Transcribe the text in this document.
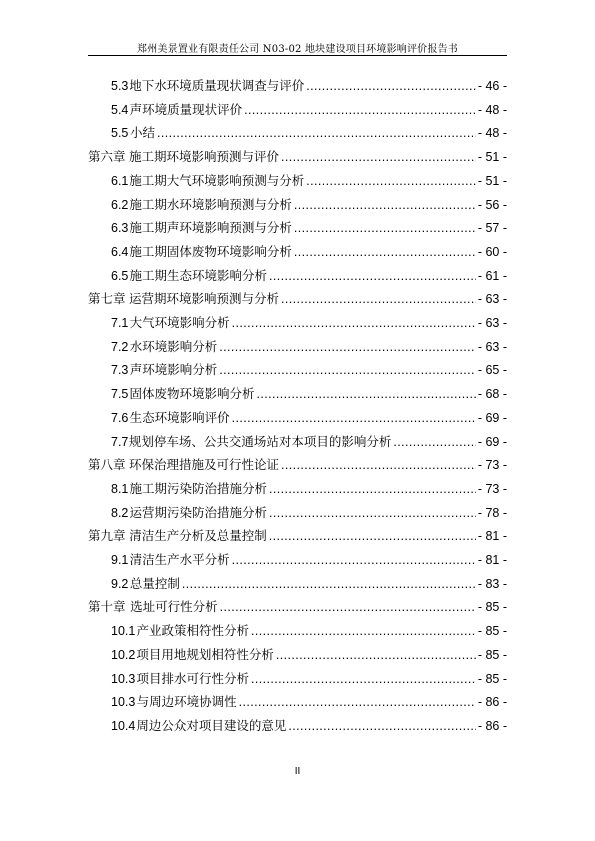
郑州美景置业有限责任公司 N03-02 地块建设项目环境影响评价报告书
5.3 地下水环境质量现状调查与评价 .....	- 46 -
5.4 声环境质量现状评价 .....	- 48 -
5.5 小结 .....	- 48 -
第六章 施工期环境影响预测与评价 .....	- 51 -
6.1 施工期大气环境影响预测与分析 .....	- 51 -
6.2 施工期水环境影响预测与分析 .....	- 56 -
6.3 施工期声环境影响预测与分析 .....	- 57 -
6.4 施工期固体废物环境影响分析 .....	- 60 -
6.5 施工期生态环境影响分析 .....	- 61 -
第七章 运营期环境影响预测与分析 .....	- 63 -
7.1 大气环境影响分析 .....	- 63 -
7.2 水环境影响分析 .....	- 63 -
7.3 声环境影响分析 .....	- 65 -
7.5 固体废物环境影响分析 .....	- 68 -
7.6 生态环境影响评价 .....	- 69 -
7.7 规划停车场、公共交通场站对本项目的影响分析 .....	- 69 -
第八章 环保治理措施及可行性论证 .....	- 73 -
8.1 施工期污染防治措施分析 .....	- 73 -
8.2 运营期污染防治措施分析 .....	- 78 -
第九章 清洁生产分析及总量控制 .....	- 81 -
9.1 清洁生产水平分析 .....	- 81 -
9.2 总量控制 .....	- 83 -
第十章 选址可行性分析 .....	- 85 -
10.1 产业政策相符性分析 .....	- 85 -
10.2 项目用地规划相符性分析 .....	- 85 -
10.3 项目排水可行性分析 .....	- 85 -
10.3 与周边环境协调性 .....	- 86 -
10.4 周边公众对项目建设的意见 .....	- 86 -
II
